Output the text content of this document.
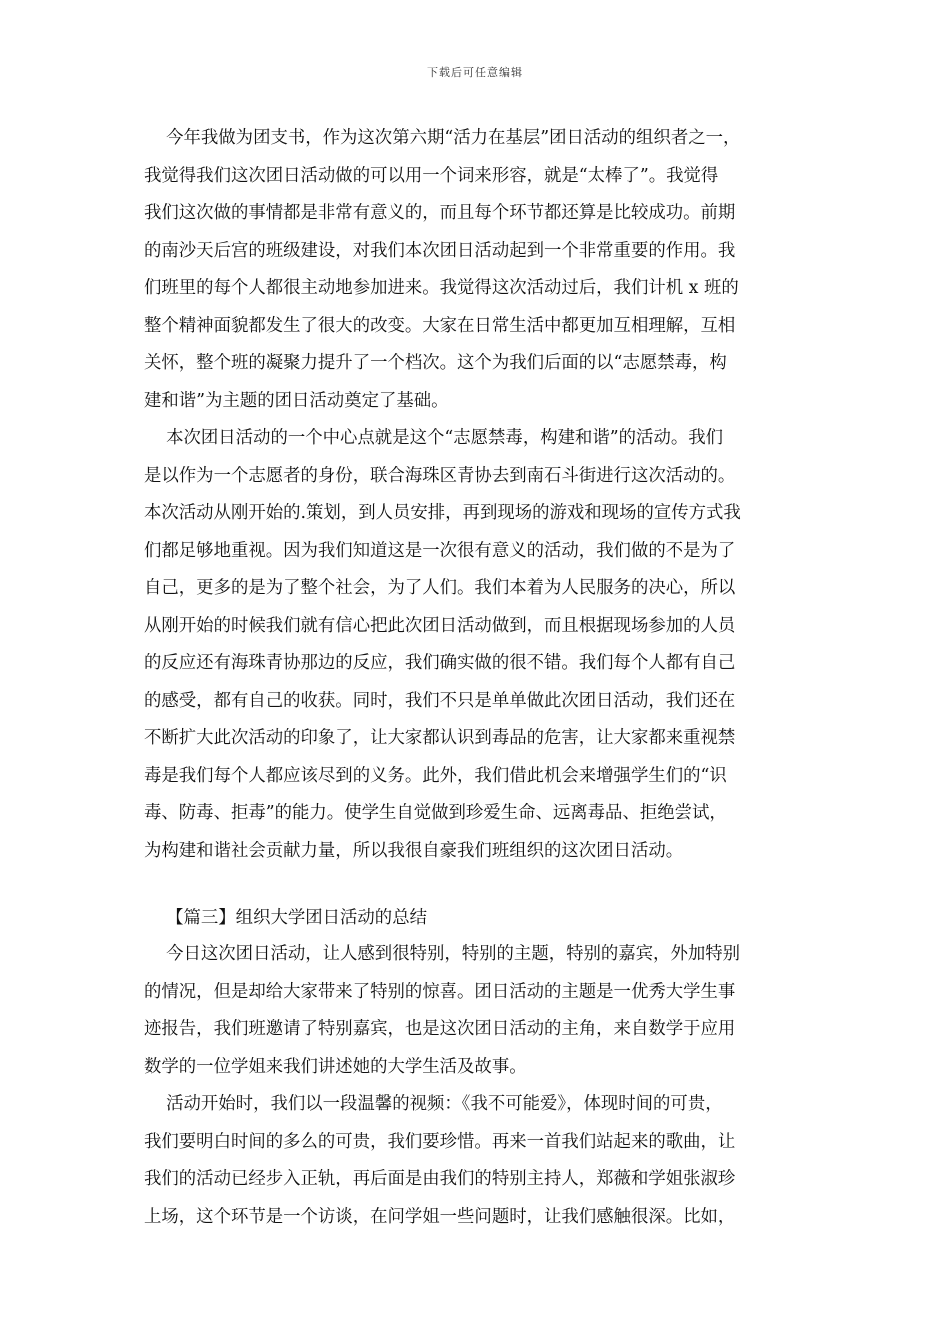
下载后可任意编辑
今年我做为团支书，作为这次第六期“活力在基层”团日活动的组织者之一，
我觉得我们这次团日活动做的可以用一个词来形容，就是“太棒了”。我觉得
我们这次做的事情都是非常有意义的，而且每个环节都还算是比较成功。前期
的南沙天后宫的班级建设，对我们本次团日活动起到一个非常重要的作用。我
们班里的每个人都很主动地参加进来。我觉得这次活动过后，我们计机 x 班的
整个精神面貌都发生了很大的改变。大家在日常生活中都更加互相理解，互相
关怀，整个班的凝聚力提升了一个档次。这个为我们后面的以“志愿禁毒，构
建和谐”为主题的团日活动奠定了基础。
本次团日活动的一个中心点就是这个“志愿禁毒，构建和谐”的活动。我们
是以作为一个志愿者的身份，联合海珠区青协去到南石斗街进行这次活动的。
本次活动从刚开始的.策划，到人员安排，再到现场的游戏和现场的宣传方式我
们都足够地重视。因为我们知道这是一次很有意义的活动，我们做的不是为了
自己，更多的是为了整个社会，为了人们。我们本着为人民服务的决心，所以
从刚开始的时候我们就有信心把此次团日活动做到，而且根据现场参加的人员
的反应还有海珠青协那边的反应，我们确实做的很不错。我们每个人都有自己
的感受，都有自己的收获。同时，我们不只是单单做此次团日活动，我们还在
不断扩大此次活动的印象了，让大家都认识到毒品的危害，让大家都来重视禁
毒是我们每个人都应该尽到的义务。此外，我们借此机会来增强学生们的“识
毒、防毒、拒毒”的能力。使学生自觉做到珍爱生命、远离毒品、拒绝尝试，
为构建和谐社会贡献力量，所以我很自豪我们班组织的这次团日活动。
【篇三】组织大学团日活动的总结
今日这次团日活动，让人感到很特别，特别的主题，特别的嘉宾，外加特别
的情况，但是却给大家带来了特别的惊喜。团日活动的主题是一优秀大学生事
迹报告，我们班邀请了特别嘉宾，也是这次团日活动的主角，来自数学于应用
数学的一位学姐来我们讲述她的大学生活及故事。
活动开始时，我们以一段温馨的视频：《我不可能爱》，体现时间的可贵，
我们要明白时间的多么的可贵，我们要珍惜。再来一首我们站起来的歌曲，让
我们的活动已经步入正轨，再后面是由我们的特别主持人，郑薇和学姐张淑珍
上场，这个环节是一个访谈，在问学姐一些问题时，让我们感触很深。比如，
